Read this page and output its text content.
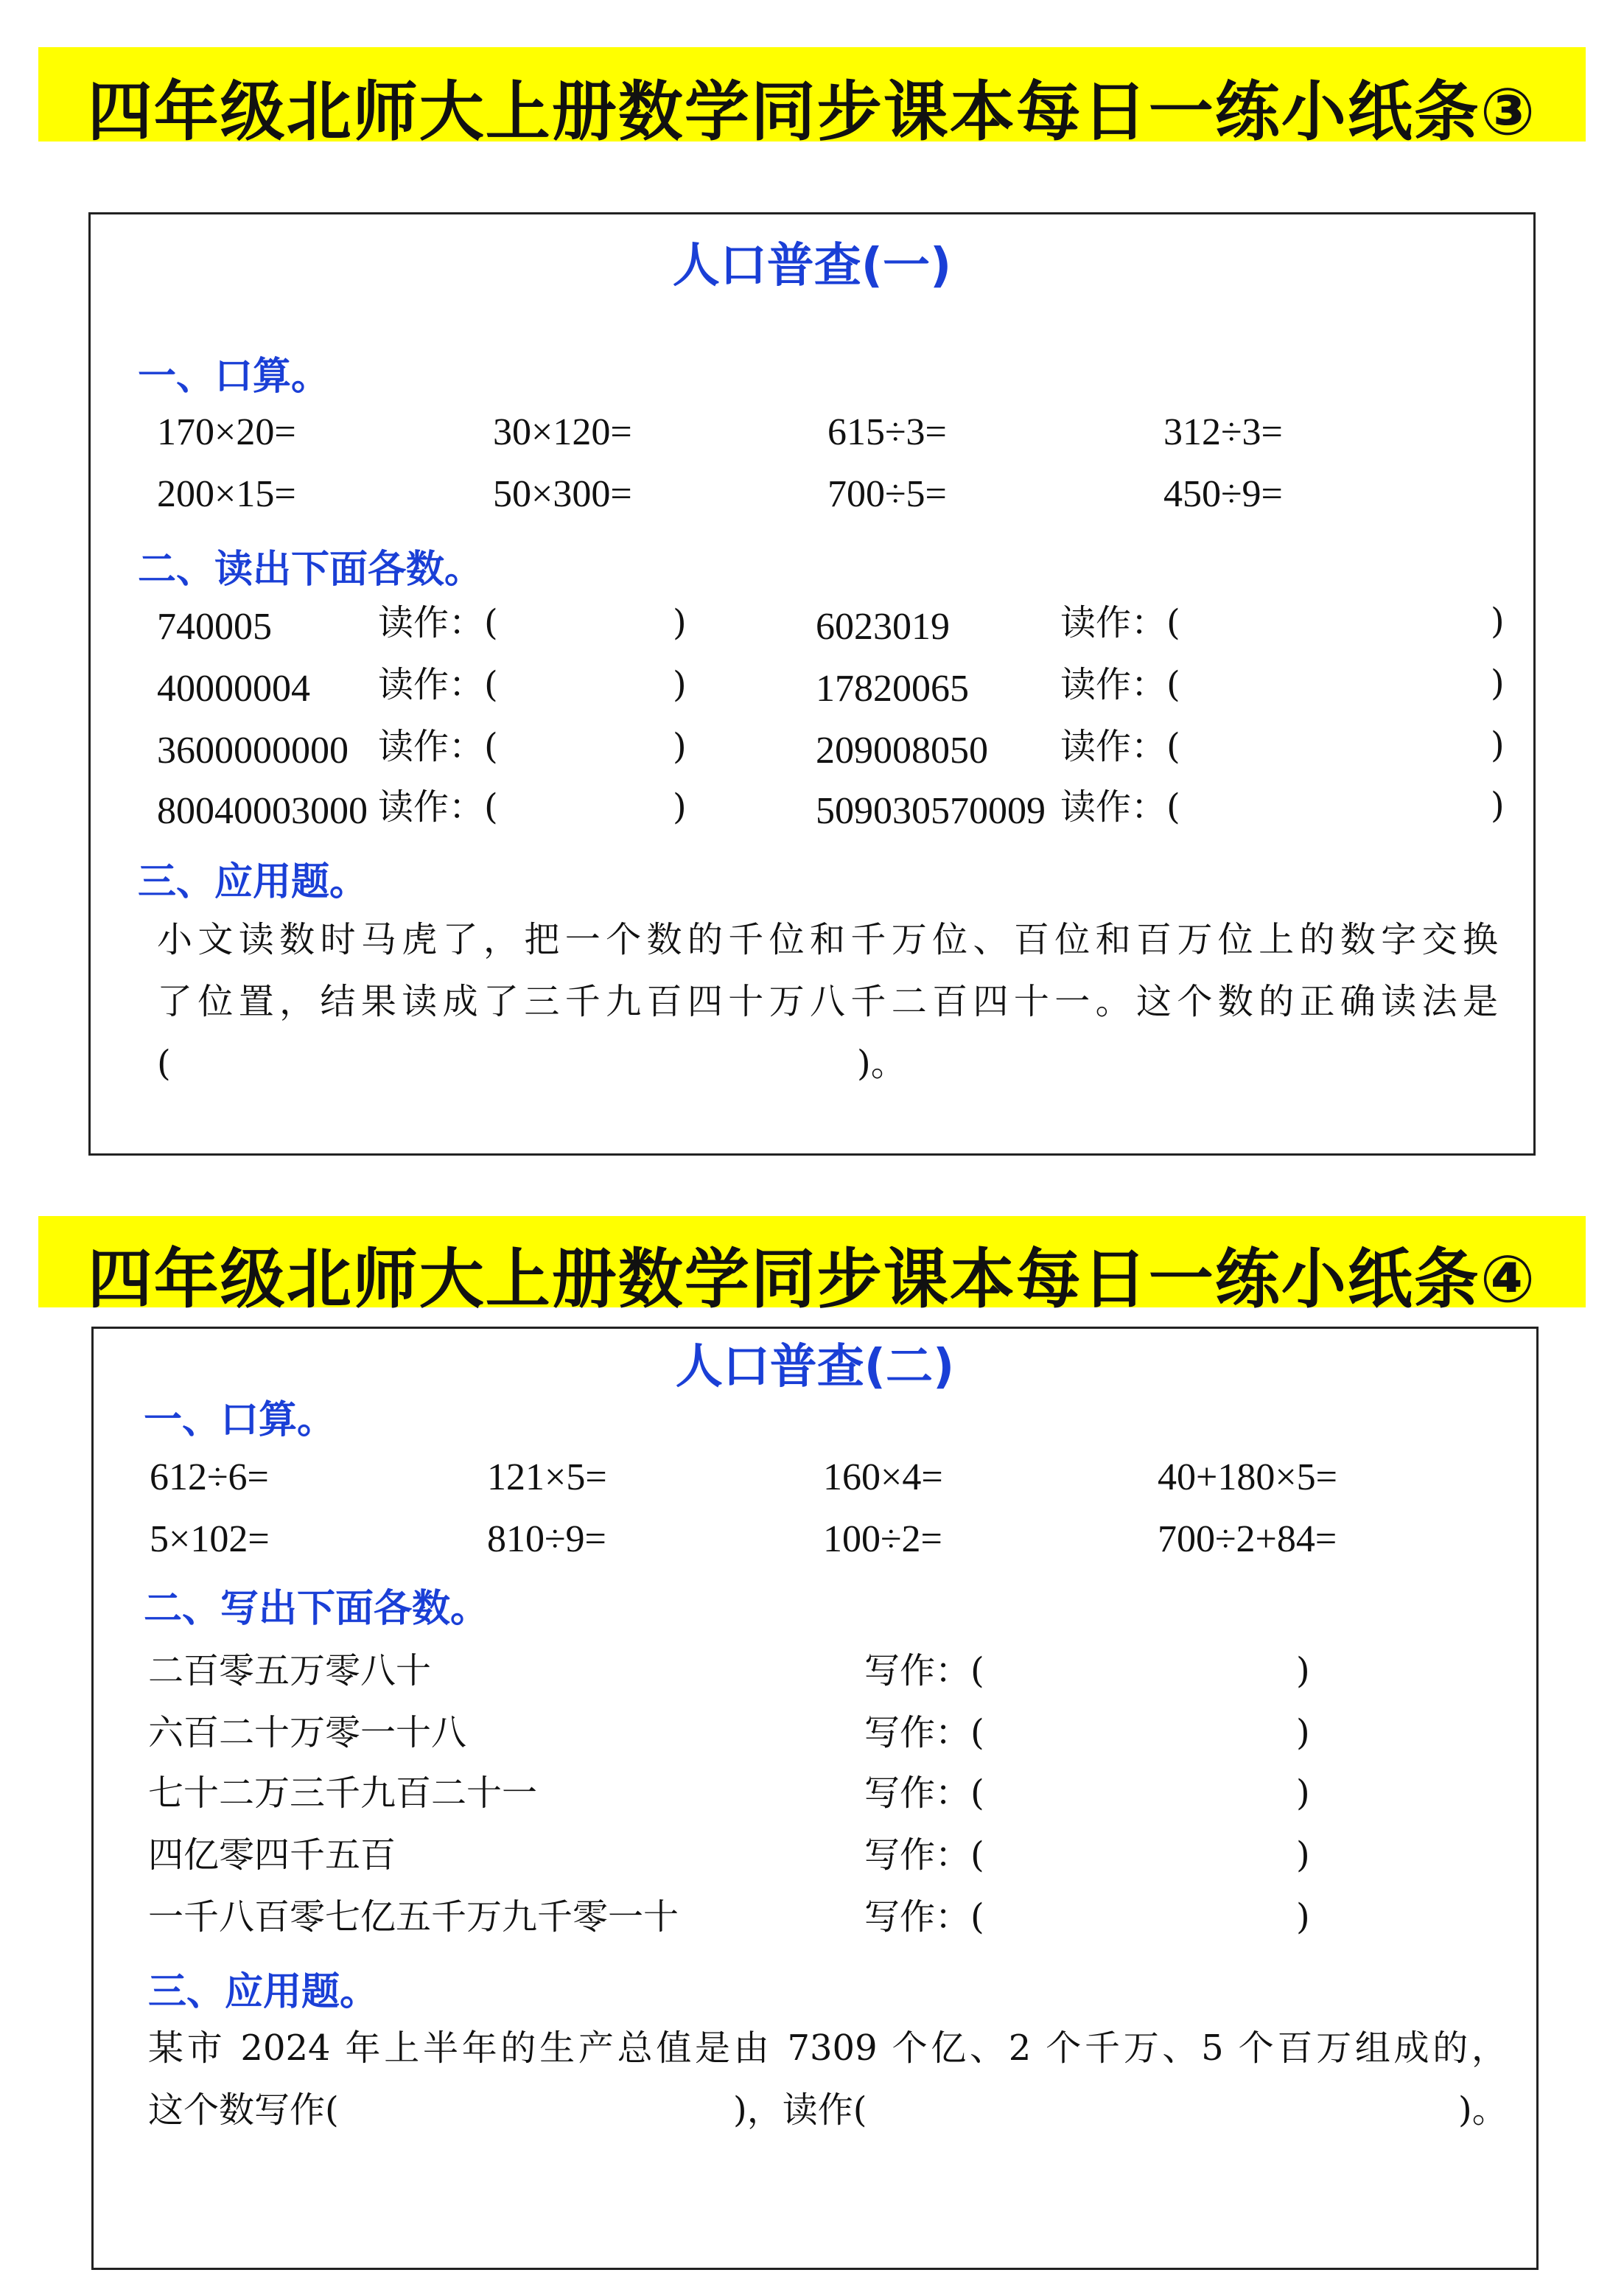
四年级北师大上册数学同步课本每日一练小纸条③
人口普查(一)
一、口算。
170×20=	30×120=	615÷3=	312÷3=
200×15=	50×300=	700÷5=	450÷9=
二、读出下面各数。
740005	读作：(	)	6023019	读作：(	)
40000004 读作：(	)	17820065	读作：(	)
3600000000 读作：(	)	209008050 读作：(	)
80040003000 读作：(	)	509030570009 读作：(	)
三、应用题。
小文读数时马虎了，把一个数的千位和千万位、百位和百万位上的数字交换
了位置，结果读成了三千九百四十万八千二百四十一。这个数的正确读法是
(	)。
四年级北师大上册数学同步课本每日一练小纸条④
人口普查(二)
一、口算。
612÷6=	121×5=	160×4=	40+180×5=
5×102=	810÷9=	100÷2=	700÷2+84=
二、写出下面各数。
二百零五万零八十	写作：(	)
六百二十万零一十八	写作：(	)
七十二万三千九百二十一	写作：(	)
四亿零四千五百	写作：(	)
一千八百零七亿五千万九千零一十	写作：(	)
三、应用题。
某市 2024 年上半年的生产总值是由 7309 个亿、2 个千万、5 个百万组成的，
这个数写作(	)，读作(	)。
